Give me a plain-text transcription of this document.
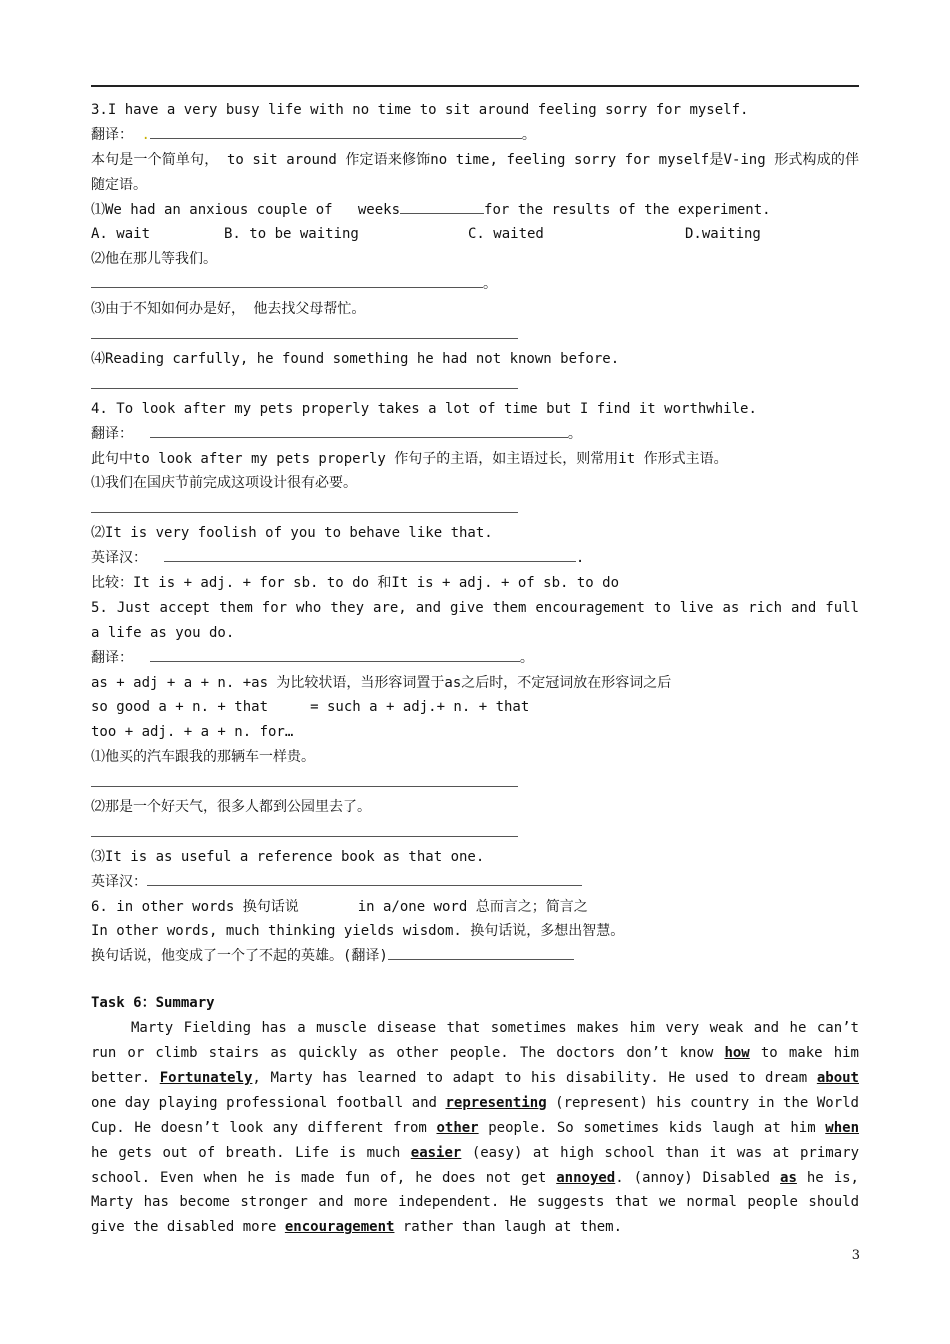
3.I have a very busy life with no time to sit around feeling sorry for myself.
翻译： .	。
本句是一个简单句， to sit around 作定语来修饰no time, feeling sorry for myself是V-ing 形式构成的伴随定语。
⑴We had an anxious couple of   weeks	for the results of the experiment.
A. wait	B. to be waiting	C. waited	D.waiting
⑵他在那儿等我们。
。
⑶由于不知如何办是好， 他去找父母帮忙。
⑷Reading carfully, he found something he had not known before.
4. To look after my pets properly takes a lot of time but I find it worthwhile.
翻译：	。
此句中to look after my pets properly 作句子的主语，如主语过长，则常用it 作形式主语。
⑴我们在国庆节前完成这项设计很有必要。
⑵It is very foolish of you to behave like that.
英译汉：	.
比较：It is + adj. + for sb. to do 和It is + adj. + of sb. to do
5. Just accept them for who they are, and give them encouragement to live as rich and full a life as you do.
翻译：	。
as + adj + a + n. +as 为比较状语，当形容词置于as之后时，不定冠词放在形容词之后
so good a + n. + that     = such a + adj.+ n. + that
too + adj. + a + n. for…
⑴他买的汽车跟我的那辆车一样贵。
⑵那是一个好天气，很多人都到公园里去了。
⑶It is as useful a reference book as that one.
英译汉：
6. in other words 换句话说       in a/one word 总而言之；简言之
In other words, much thinking yields wisdom. 换句话说，多想出智慧。
换句话说，他变成了一个了不起的英雄。(翻译)
Task 6：Summary
Marty Fielding has a muscle disease that sometimes makes him very weak and he can’t run or climb stairs as quickly as other people. The doctors don’t know how to make him better. Fortunately, Marty has learned to adapt to his disability. He used to dream about one day playing professional football and representing (represent) his country in the World Cup. He doesn’t look any different from other people. So sometimes kids laugh at him when he gets out of breath. Life is much easier (easy) at high school than it was at primary school. Even when he is made fun of, he does not get annoyed. (annoy) Disabled as he is, Marty has become stronger and more independent. He suggests that we normal people should give the disabled more encouragement rather than laugh at them.
3
